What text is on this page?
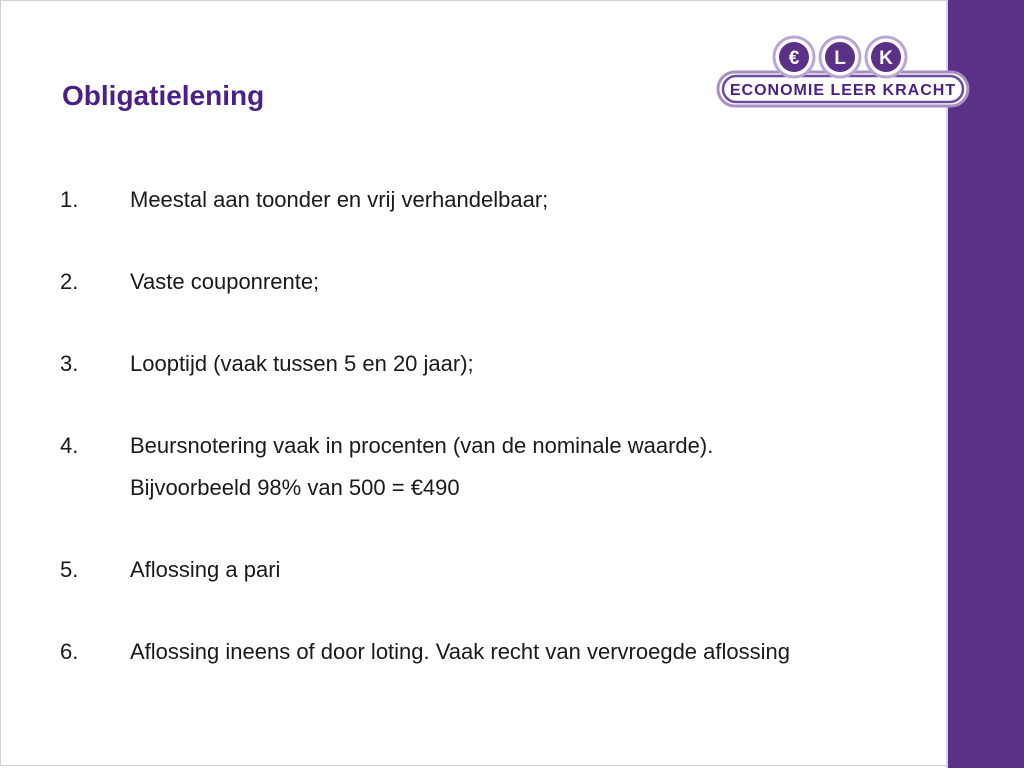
Obligatielening
€ L K
ECONOMIE LEER KRACHT
1. Meestal aan toonder en vrij verhandelbaar;
2. Vaste couponrente;
3. Looptijd (vaak tussen 5 en 20 jaar);
4. Beursnotering vaak in procenten (van de nominale waarde).
Bijvoorbeeld 98% van 500 = €490
5. Aflossing a pari
6. Aflossing ineens of door loting. Vaak recht van vervroegde aflossing
